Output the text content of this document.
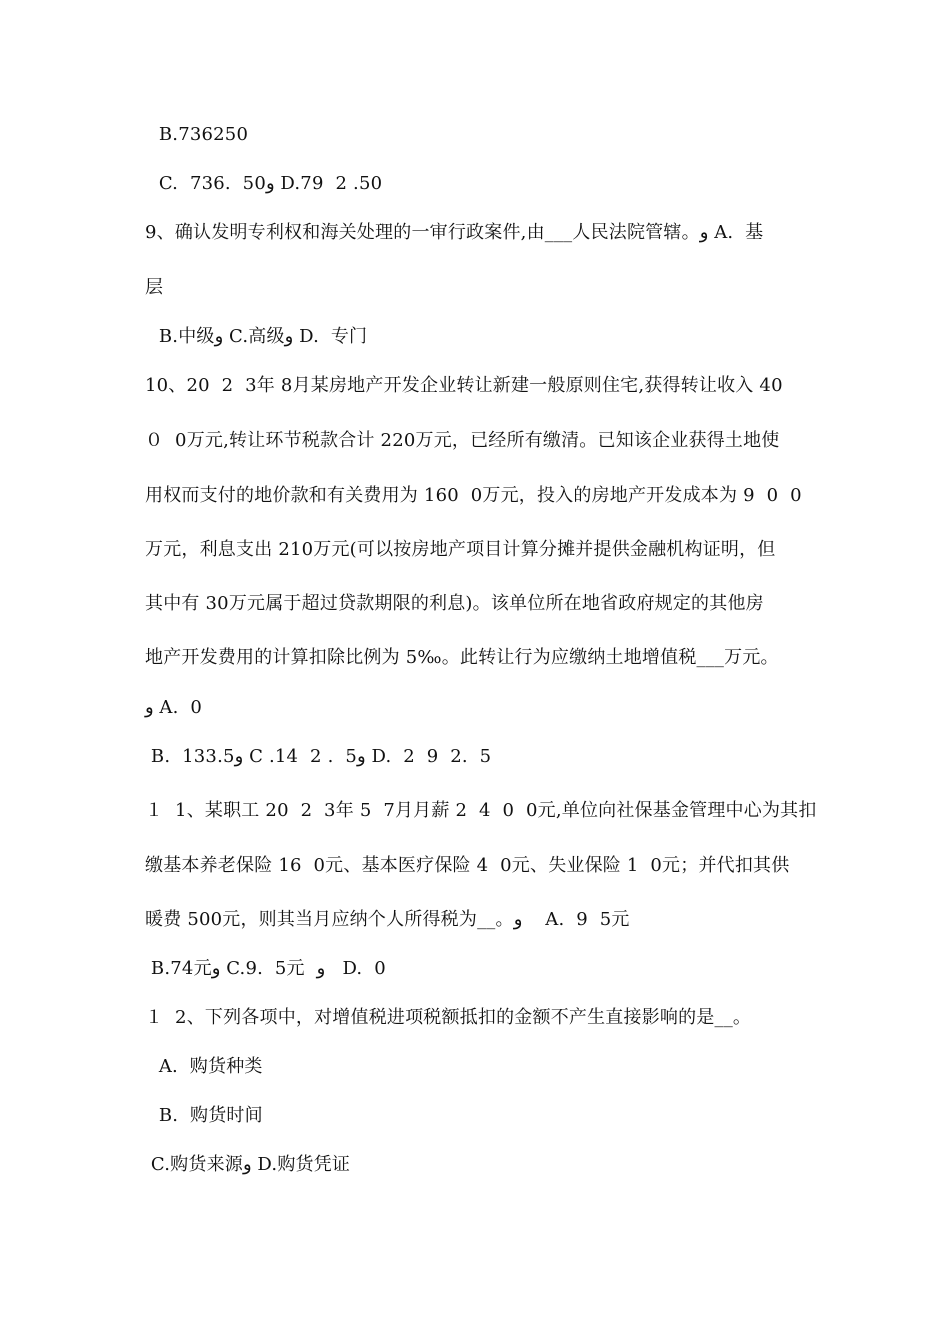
B.736250
C.  736.  50و D.79  2 .50
9、确认发明专利权和海关处理的一审行政案件,由___人民法院管辖。و A.  基
层
B.中级و C.高级و D.  专门
10、20  2  3年 8月某房地产开发企业转让新建一般原则住宅,获得转让收入 40
０  0万元,转让环节税款合计 220万元，已经所有缴清。已知该企业获得土地使
用权而支付的地价款和有关费用为 160  0万元，投入的房地产开发成本为 9  0  0
万元，利息支出 210万元(可以按房地产项目计算分摊并提供金融机构证明，但
其中有 30万元属于超过贷款期限的利息)。该单位所在地省政府规定的其他房
地产开发费用的计算扣除比例为 5‰。此转让行为应缴纳土地增值税___万元。
و A.  0
B.  133.5و C .14  2 .  5و D.  2  9  2.  5
１  1、某职工 20  2  3年 5  7月月薪 2  4  0  0元,单位向社保基金管理中心为其扣
缴基本养老保险 16  0元、基本医疗保险 4  0元、失业保险 1  0元；并代扣其供
暖费 500元，则其当月应纳个人所得税为__。و    A.  9  5元
B.74元و C.9.  5元  و   D.  0
１  2、下列各项中，对增值税进项税额抵扣的金额不产生直接影响的是__。
A.  购货种类
B.  购货时间
C.购货来源و D.购货凭证
